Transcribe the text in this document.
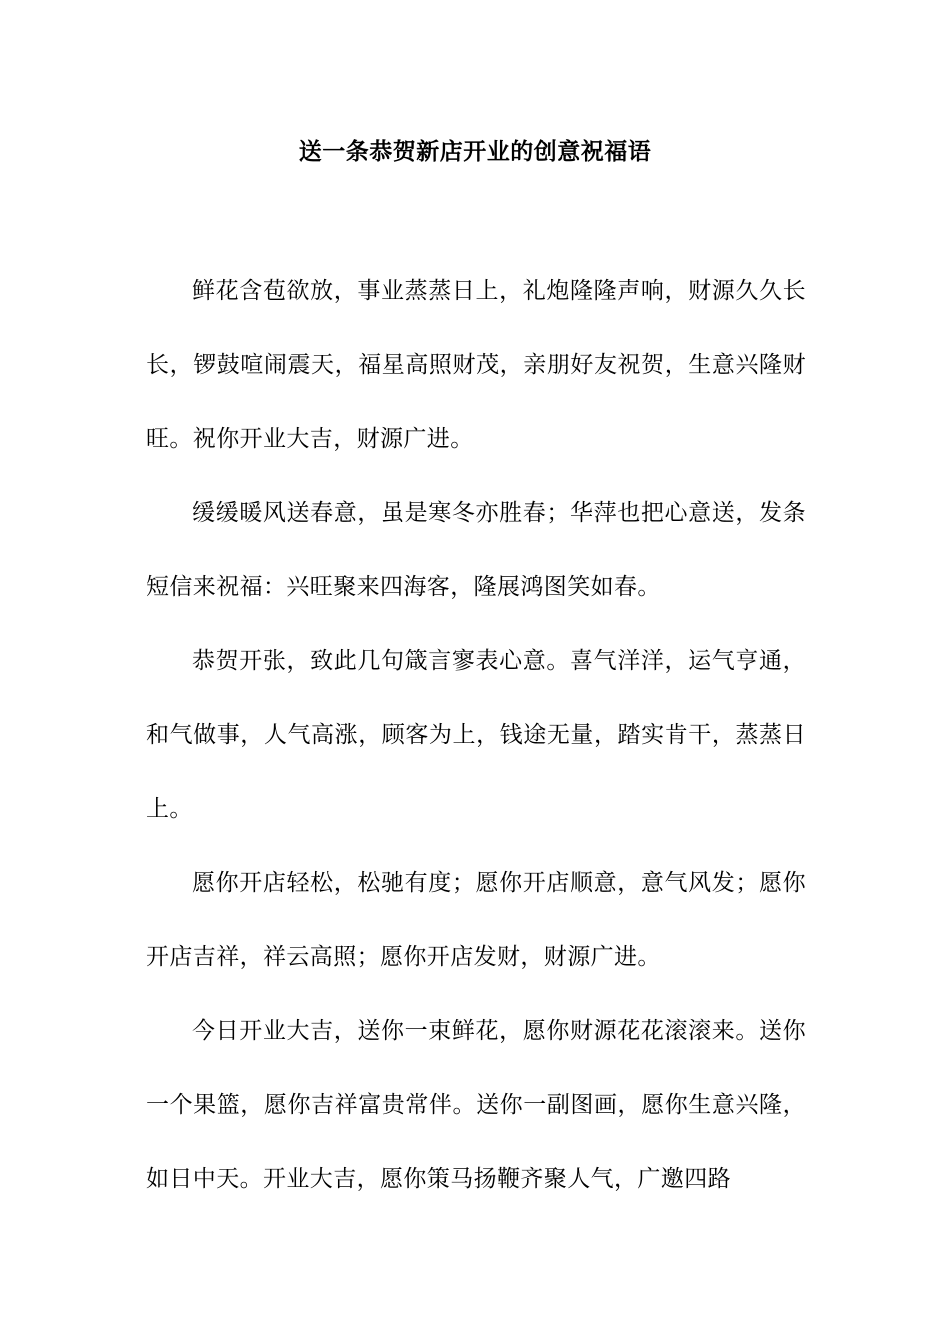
送一条恭贺新店开业的创意祝福语

鲜花含苞欲放，事业蒸蒸日上，礼炮隆隆声响，财源久久长长，锣鼓喧闹震天，福星高照财茂，亲朋好友祝贺，生意兴隆财旺。祝你开业大吉，财源广进。

缓缓暖风送春意，虽是寒冬亦胜春；华萍也把心意送，发条短信来祝福：兴旺聚来四海客，隆展鸿图笑如春。

恭贺开张，致此几句箴言寥表心意。喜气洋洋，运气亨通，和气做事，人气高涨，顾客为上，钱途无量，踏实肯干，蒸蒸日上。

愿你开店轻松，松驰有度；愿你开店顺意，意气风发；愿你开店吉祥，祥云高照；愿你开店发财，财源广进。

今日开业大吉，送你一束鲜花，愿你财源花花滚滚来。送你一个果篮，愿你吉祥富贵常伴。送你一副图画，愿你生意兴隆，如日中天。开业大吉，愿你策马扬鞭齐聚人气，广邀四路
